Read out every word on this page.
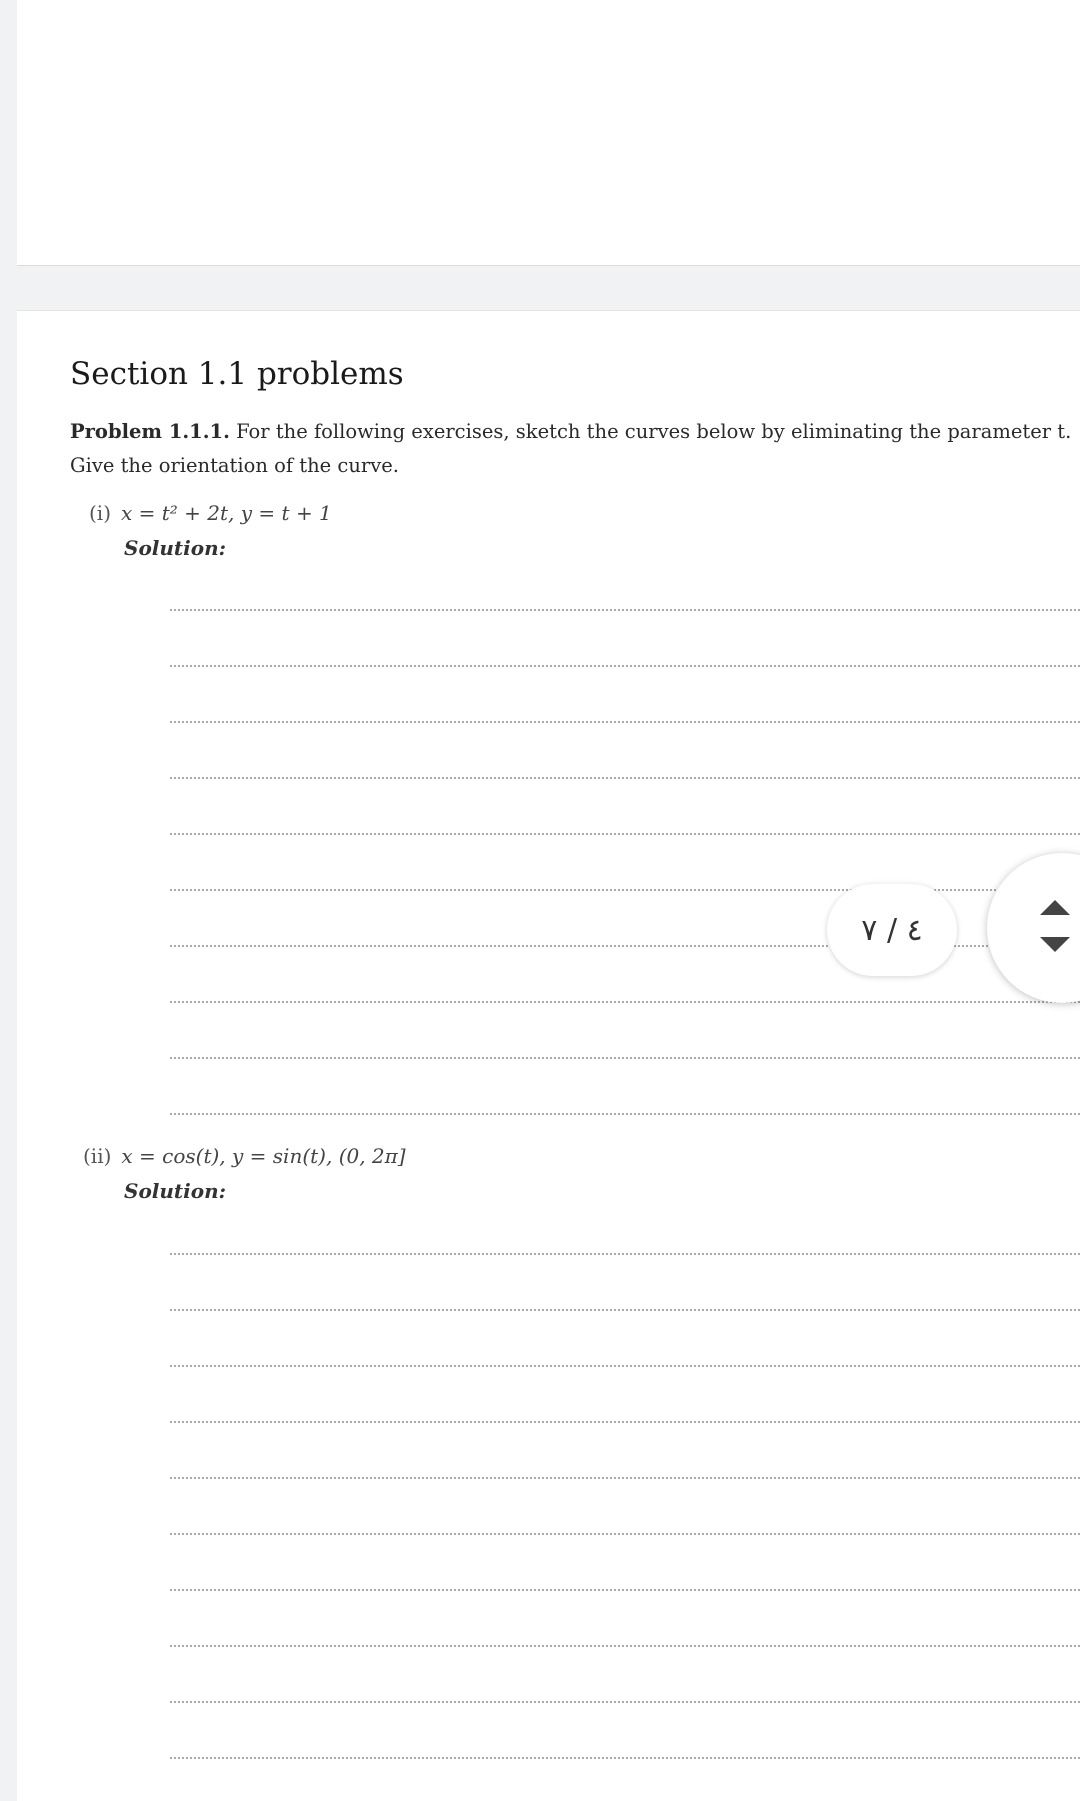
Section 1.1 problems
Problem 1.1.1. For the following exercises, sketch the curves below by eliminating the parameter t. Give the orientation of the curve.
(i) x = t² + 2t, y = t + 1
Solution:
(ii) x = cos(t), y = sin(t), (0, 2π]
Solution:
٤ / ٧
